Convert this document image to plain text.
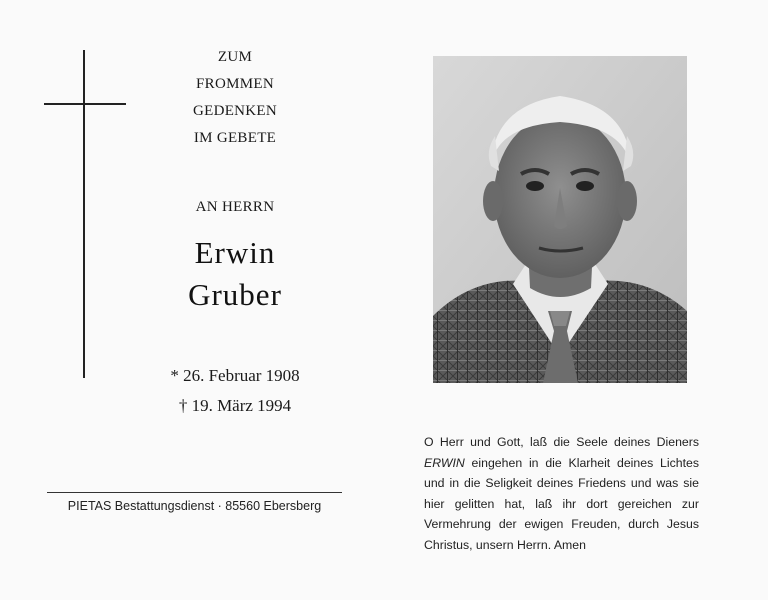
ZUM
FROMMEN
GEDENKEN
IM GEBETE
AN HERRN
Erwin
Gruber
* 26. Februar 1908
† 19. März 1994
PIETAS Bestattungsdienst · 85560 Ebersberg
O Herr und Gott, laß die Seele deines Dieners ERWIN eingehen in die Klarheit deines Lichtes und in die Seligkeit deines Friedens und was sie hier gelitten hat, laß ihr dort gereichen zur Vermehrung der ewigen Freuden, durch Jesus Christus, unsern Herrn. Amen
